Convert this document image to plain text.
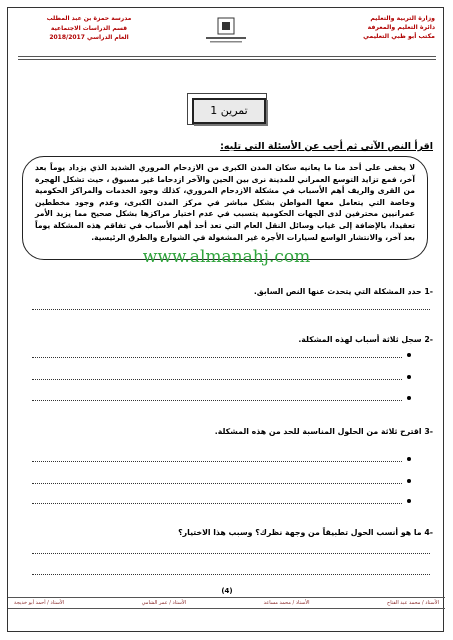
وزارة التربية والتعليم
دائرة التعليم والمعرفة
مكتب أبو ظبي التعليمي
مدرسة حمزة بن عبد المطلب
قسم الدراسات الاجتماعية
العام الدراسي 2018/2017
تمرين 1
اقرأ النص الآتي ثم أجب عن الأسئلة التي تليه:
لا يخفى على أحد منا ما يعانيه سكان المدن الكبرى من الازدحام المروري الشديد الذي يزداد يوماً بعد آخر، فمع تزايد التوسع العمراني للمدينة نرى بين الحين والآخر ازدحاما غير مسبوق ، حيث تشكل الهجرة من القرى والريف أهم الأسباب في مشكلة الازدحام المروري، كذلك وجود الخدمات والمراكز الحكومية وخاصة التي يتعامل معها المواطن بشكل مباشر في مركز المدن الكبرى، وعدم وجود مخططين عمرانيين محترفين لدى الجهات الحكومية يتسبب في عدم اختيار مراكزها بشكل صحيح مما يزيد الأمر تعقيدا، بالإضافة إلى غياب وسائل النقل العام التي تعد أحد أهم الأسباب في تفاقم هذه المشكلة يوماً بعد آخر، والانتشار الواسع لسيارات الأجرة غير المشغولة في الشوارع والطرق الرئيسية.
www.almanahj.com
-1 حدد المشكلة التي يتحدث عنها النص السابق.
-2 سجل ثلاثة أسباب لهذه المشكلة.
-3 اقترح ثلاثة من الحلول المناسبة للحد من هذه المشكلة.
-4 ما هو أنسب الحول تطبيقاً من وجهة نظرك؟ وسبب هذا الاختيار؟
(4)
الأستاذ / أحمد أبو خديجة	الأستاذ / عمر الشامي	الأستاذ / محمد مساعد	الأستاذ / محمد عبد الفتاح
